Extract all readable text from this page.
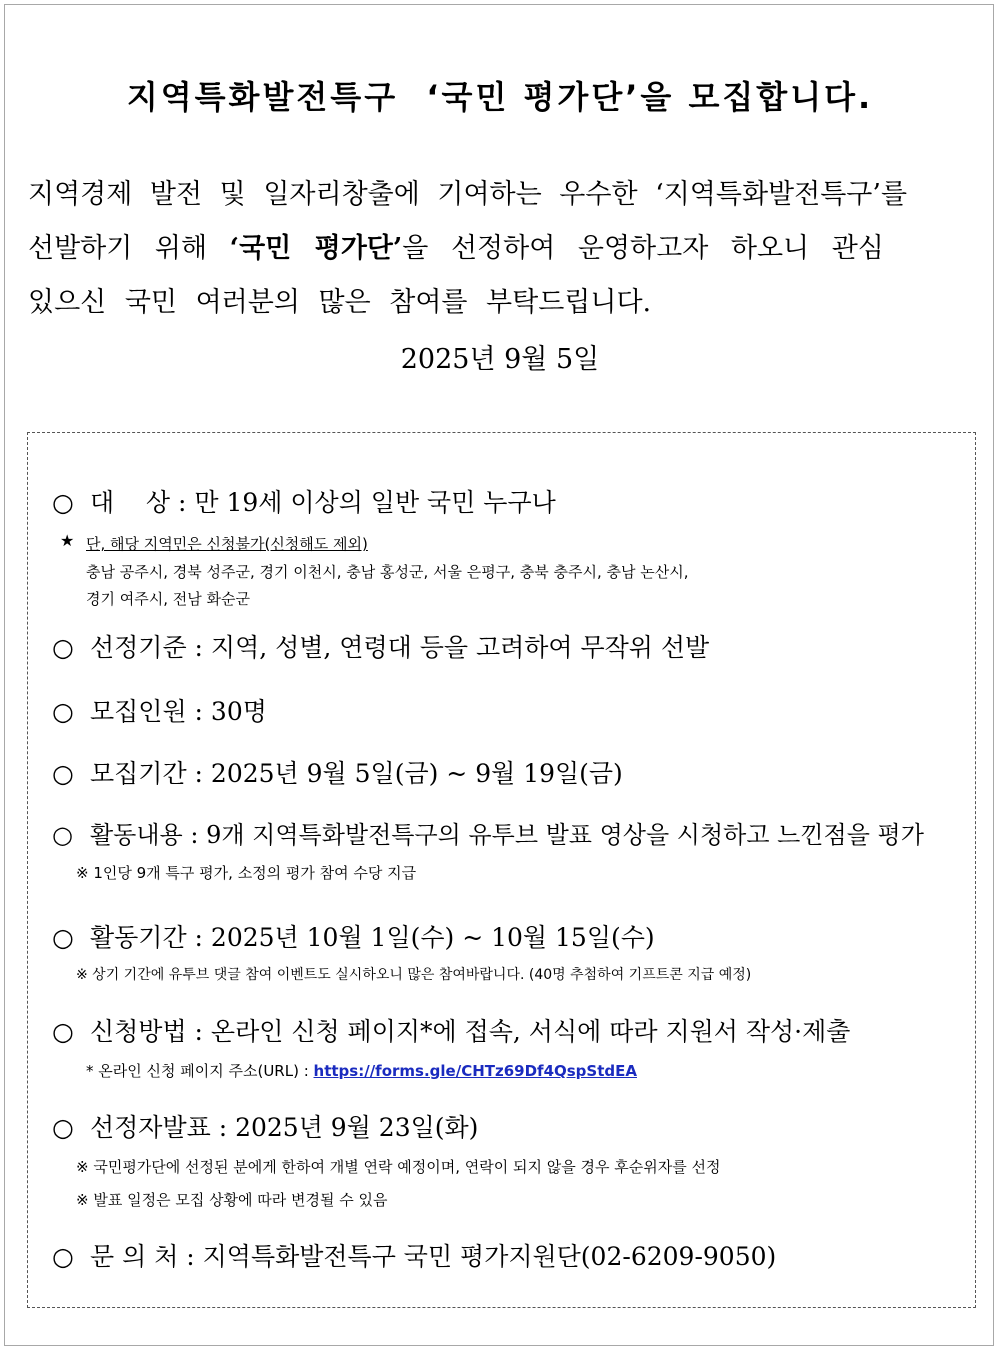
지역특화발전특구  ‘국민 평가단’을 모집합니다.
지역경제 발전 및 일자리창출에 기여하는 우수한 ‘지역특화발전특구’를
선발하기 위해 ‘국민 평가단’을 선정하여 운영하고자 하오니 관심
있으신 국민 여러분의 많은 참여를 부탁드립니다.
2025년 9월 5일
○ 대    상 : 만 19세 이상의 일반 국민 누구나
★ 단, 해당 지역민은 신청불가(신청해도 제외)
충남 공주시, 경북 성주군, 경기 이천시, 충남 홍성군, 서울 은평구, 충북 충주시, 충남 논산시,
경기 여주시, 전남 화순군
○ 선정기준 : 지역, 성별, 연령대 등을 고려하여 무작위 선발
○ 모집인원 : 30명
○ 모집기간 : 2025년 9월 5일(금) ~ 9월 19일(금)
○ 활동내용 : 9개 지역특화발전특구의 유투브 발표 영상을 시청하고 느낀점을 평가
※ 1인당 9개 특구 평가, 소정의 평가 참여 수당 지급
○ 활동기간 : 2025년 10월 1일(수) ~ 10월 15일(수)
※ 상기 기간에 유투브 댓글 참여 이벤트도 실시하오니 많은 참여바랍니다. (40명 추첨하여 기프트콘 지급 예정)
○ 신청방법 : 온라인 신청 페이지*에 접속, 서식에 따라 지원서 작성·제출
* 온라인 신청 페이지 주소(URL) : https://forms.gle/CHTz69Df4QspStdEA
○ 선정자발표 : 2025년 9월 23일(화)
※ 국민평가단에 선정된 분에게 한하여 개별 연락 예정이며, 연락이 되지 않을 경우 후순위자를 선정
※ 발표 일정은 모집 상황에 따라 변경될 수 있음
○ 문 의 처 : 지역특화발전특구 국민 평가지원단(02-6209-9050)
